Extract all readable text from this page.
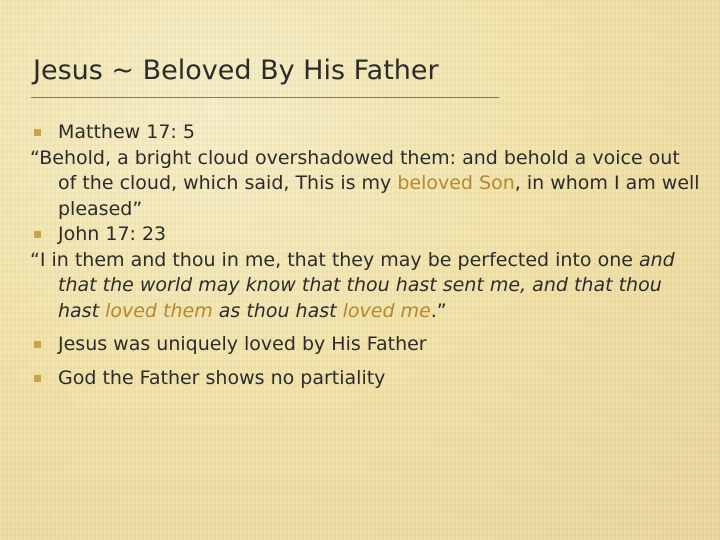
Jesus ~ Beloved By His Father

Matthew 17: 5

“Behold, a bright cloud overshadowed them: and behold a voice out of the cloud, which said, This is my beloved Son, in whom I am well pleased”

John 17: 23

“I in them and thou in me, that they may be perfected into one and that the world may know that thou hast sent me, and that thou hast loved them as thou hast loved me.”

Jesus was uniquely loved by His Father

God the Father shows no partiality
